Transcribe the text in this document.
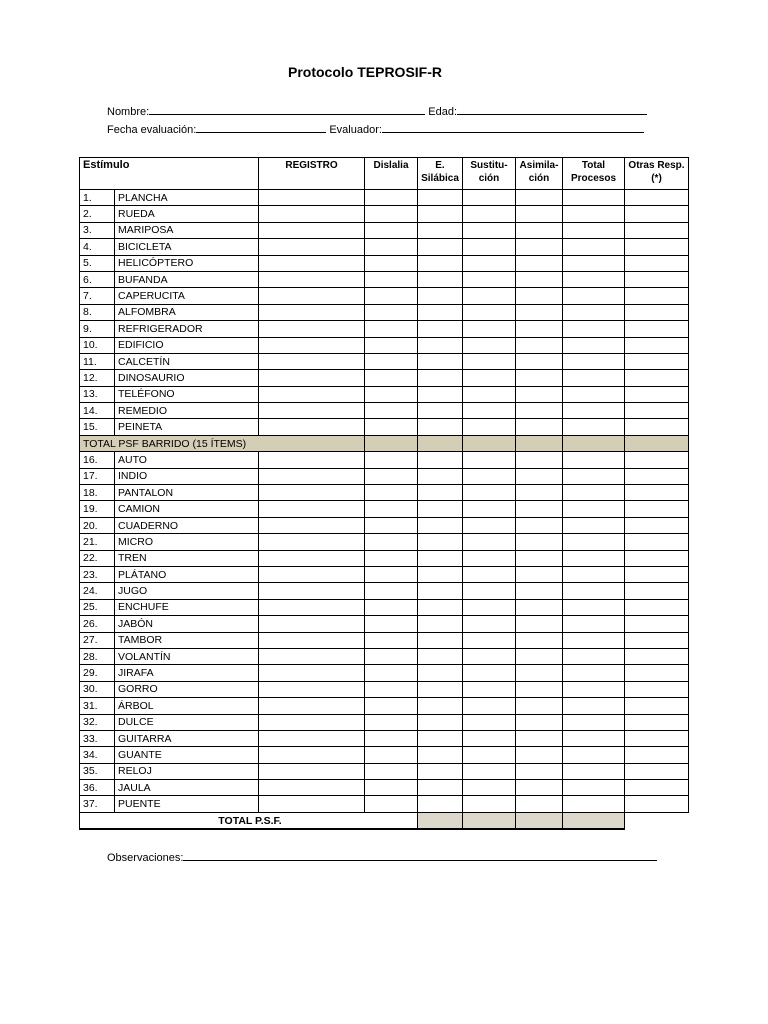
Protocolo TEPROSIF-R
Nombre:	Edad:
Fecha evaluación:	Evaluador:
Estímulo		REGISTRO	Dislalia	E. Silábica	Sustitu-ción	Asimila-ción	Total Procesos	Otras Resp. (*)
1.	PLANCHA							
2.	RUEDA							
3.	MARIPOSA							
4.	BICICLETA							
5.	HELICÓPTERO							
6.	BUFANDA							
7.	CAPERUCITA							
8.	ALFOMBRA							
9.	REFRIGERADOR							
10.	EDIFICIO							
11.	CALCETÍN							
12.	DINOSAURIO							
13.	TELÉFONO							
14.	REMEDIO							
15.	PEINETA							
TOTAL PSF BARRIDO (15 ÍTEMS)								
16.	AUTO							
17.	INDIO							
18.	PANTALON							
19.	CAMION							
20.	CUADERNO							
21.	MICRO							
22.	TREN							
23.	PLÁTANO							
24.	JUGO							
25.	ENCHUFE							
26.	JABÓN							
27.	TAMBOR							
28.	VOLANTÍN							
29.	JIRAFA							
30.	GORRO							
31.	ÁRBOL							
32.	DULCE							
33.	GUITARRA							
34.	GUANTE							
35.	RELOJ							
36.	JAULA							
37.	PUENTE							
TOTAL P.S.F.								
Observaciones:
